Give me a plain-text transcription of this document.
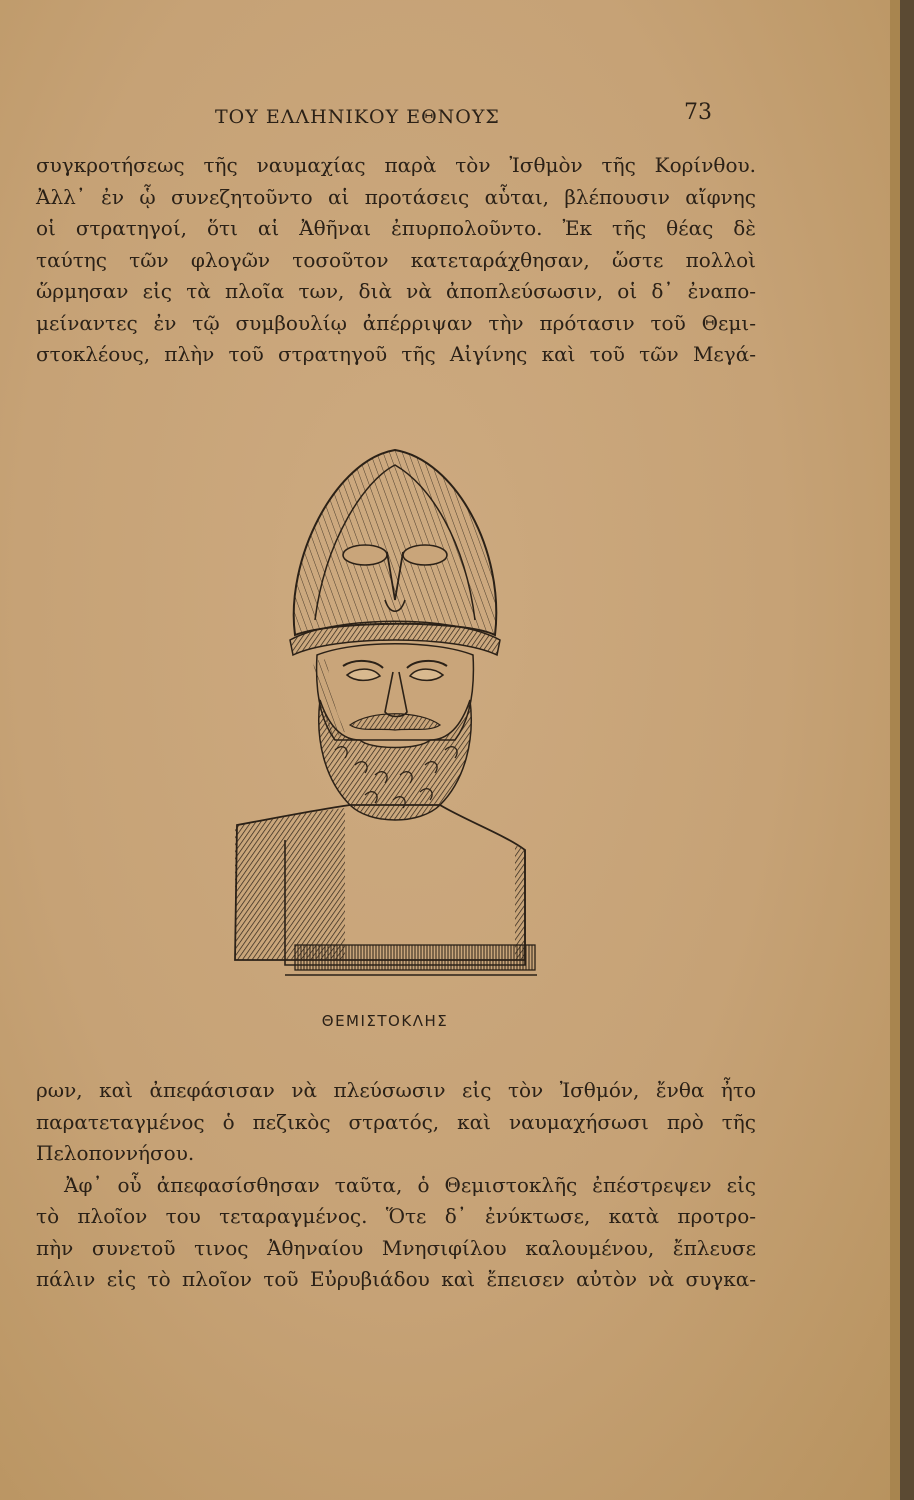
ΤΟΥ ΕΛΛΗΝΙΚΟΥ ΕΘΝΟΥΣ	73

συγκροτήσεως τῆς ναυμαχίας παρὰ τὸν Ἰσθμὸν τῆς Κορίνθου.
Ἀλλ᾽ ἐν ᾧ συνεζητοῦντο αἱ προτάσεις αὗται, βλέπουσιν αἴφνης
οἱ στρατηγοί, ὅτι αἱ Ἀθῆναι ἐπυρπολοῦντο. Ἐκ τῆς θέας δὲ
ταύτης τῶν φλογῶν τοσοῦτον κατεταράχθησαν, ὥστε πολλοὶ
ὥρμησαν εἰς τὰ πλοῖα των, διὰ νὰ ἀποπλεύσωσιν, οἱ δ᾽ ἐναπο-
μείναντες ἐν τῷ συμβουλίῳ ἀπέρριψαν τὴν πρότασιν τοῦ Θεμι-
στοκλέους, πλὴν τοῦ στρατηγοῦ τῆς Αἰγίνης καὶ τοῦ τῶν Μεγά-

ΘΕΜΙΣΤΟΚΛΗΣ

ρων, καὶ ἀπεφάσισαν νὰ πλεύσωσιν εἰς τὸν Ἰσθμόν, ἔνθα ἦτο
παρατεταγμένος ὁ πεζικὸς στρατός, καὶ ναυμαχήσωσι πρὸ τῆς
Πελοποννήσου.

Ἀφ᾽ οὗ ἀπεφασίσθησαν ταῦτα, ὁ Θεμιστοκλῆς ἐπέστρεψεν εἰς
τὸ πλοῖον του τεταραγμένος. Ὅτε δ᾽ ἐνύκτωσε, κατὰ προτρο-
πὴν συνετοῦ τινος Ἀθηναίου Μνησιφίλου καλουμένου, ἔπλευσε
πάλιν εἰς τὸ πλοῖον τοῦ Εὐρυβιάδου καὶ ἔπεισεν αὐτὸν νὰ συγκα-
